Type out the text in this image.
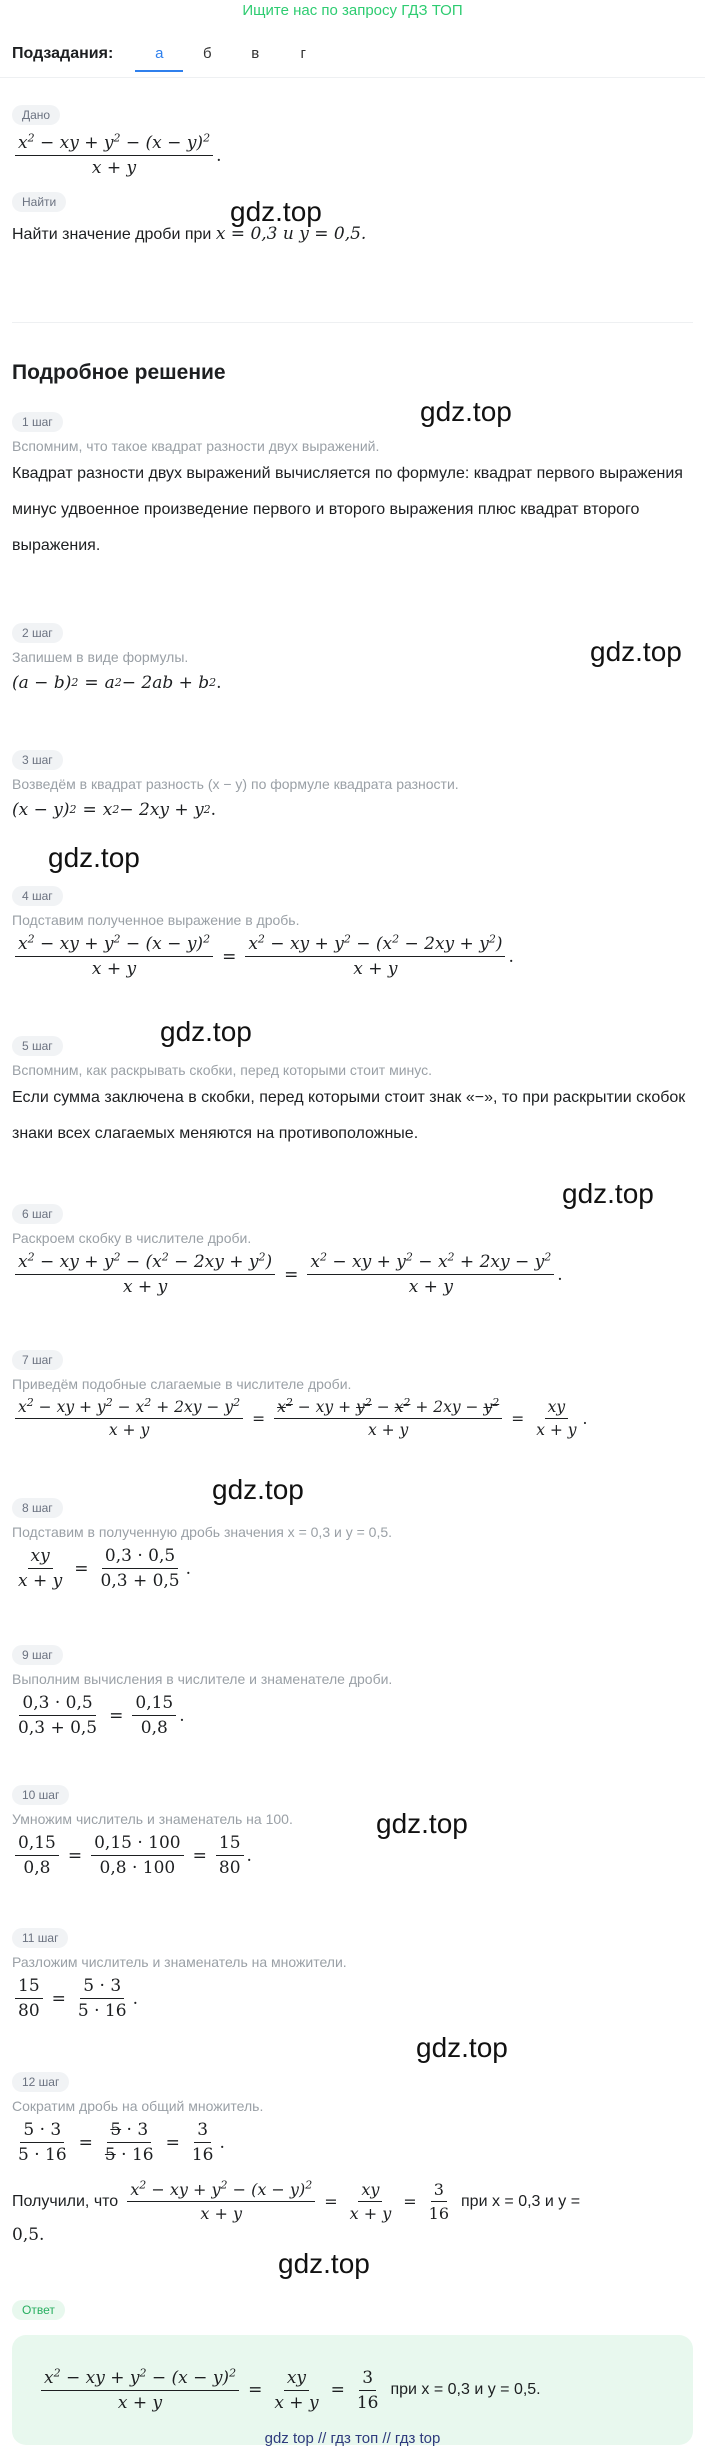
Ищите нас по запросу ГДЗ ТОП
Подзадания:	а	б	в	г
Дано
$\frac{x^2 - xy + y^2 - (x - y)^2}{x + y}$ .
Найти
Найти значение дроби при x = 0,3 и y = 0,5.
Подробное решение
1 шаг
Вспомним, что такое квадрат разности двух выражений.
Квадрат разности двух выражений вычисляется по формуле: квадрат первого выражения минус удвоенное произведение первого и второго выражения плюс квадрат второго выражения.
2 шаг
Запишем в виде формулы.
(a − b) 2 = a 2 − 2ab + b 2 .
3 шаг
Возведём в квадрат разность (x − y) по формуле квадрата разности.
(x − y) 2 = x 2 − 2xy + y 2 .
4 шаг
Подставим полученное выражение в дробь.
$\frac{x^2 - xy + y^2 - (x - y)^2}{x + y} = \frac{x^2 - xy + y^2 - (x^2 - 2xy + y^2)}{x + y}$ .
5 шаг
Вспомним, как раскрывать скобки, перед которыми стоит минус.
Если сумма заключена в скобки, перед которыми стоит знак «−», то при раскрытии скобок знаки всех слагаемых меняются на противоположные.
6 шаг
Раскроем скобку в числителе дроби.
$\frac{x^2 - xy + y^2 - (x^2 - 2xy + y^2)}{x + y} = \frac{x^2 - xy + y^2 - x^2 + 2xy - y^2}{x + y}$ .
7 шаг
Приведём подобные слагаемые в числителе дроби.
$\frac{x^2 - xy + y^2 - x^2 + 2xy - y^2}{x + y} = \frac{x^2 - xy + y^2 - x^2 + 2xy - y^2}{x + y} = \frac{xy}{x + y}$ .
8 шаг
Подставим в полученную дробь значения x = 0,3 и y = 0,5.
$\frac{xy}{x + y} = \frac{0,3 \cdot 0,5}{0,3 + 0,5}$ .
9 шаг
Выполним вычисления в числителе и знаменателе дроби.
$\frac{0,3 \cdot 0,5}{0,3 + 0,5} = \frac{0,15}{0,8}$ .
10 шаг
Умножим числитель и знаменатель на 100.
$\frac{0,15}{0,8} = \frac{0,15 \cdot 100}{0,8 \cdot 100} = \frac{15}{80}$ .
11 шаг
Разложим числитель и знаменатель на множители.
$\frac{15}{80} = \frac{5 \cdot 3}{5 \cdot 16}$ .
12 шаг
Сократим дробь на общий множитель.
$\frac{5 \cdot 3}{5 \cdot 16} = \frac{5 \cdot 3}{5 \cdot 16} = \frac{3}{16}$ .
Получили, что $\frac{x^2 - xy + y^2 - (x - y)^2}{x + y} = \frac{xy}{x + y} = \frac{3}{16}$ при x = 0,3 и y =
0,5.
Ответ
$\frac{x^2 - xy + y^2 - (x - y)^2}{x + y} = \frac{xy}{x + y} = \frac{3}{16}$ при x = 0,3 и y = 0,5.
gdz.top
gdz.top
gdz.top
gdz.top
gdz.top
gdz.top
gdz.top
gdz.top
gdz.top
gdz.top
gdz top // гдз топ // гдз top
